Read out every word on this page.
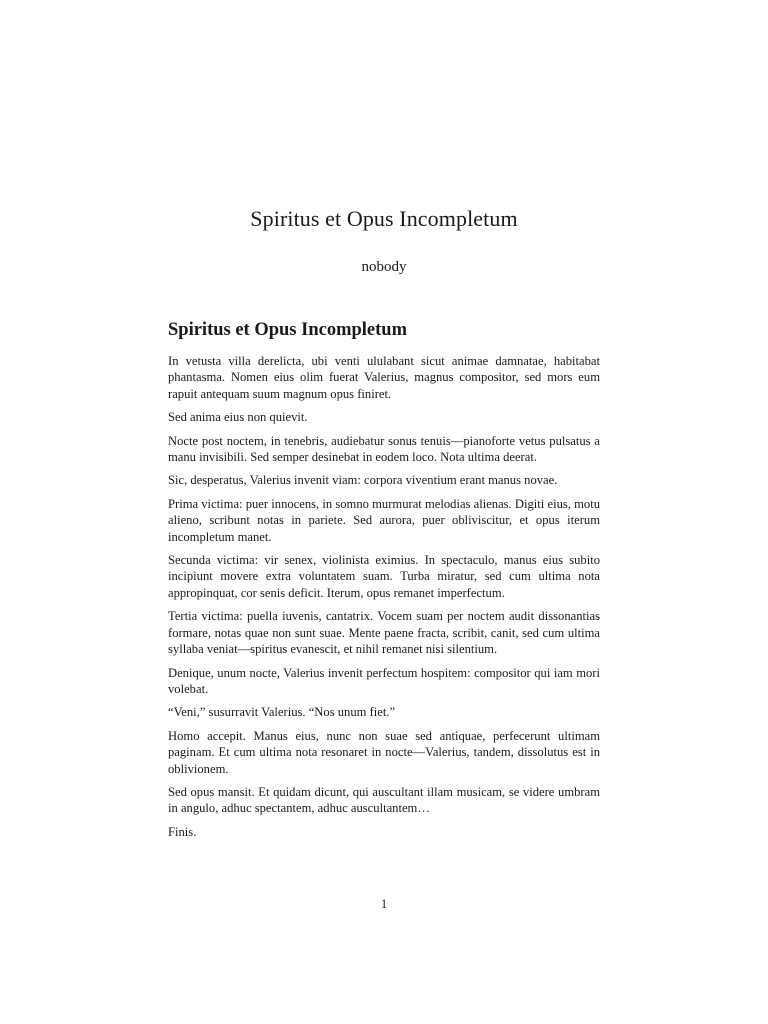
Spiritus et Opus Incompletum

nobody

Spiritus et Opus Incompletum

In vetusta villa derelicta, ubi venti ululabant sicut animae damnatae, habitabat phantasma. Nomen eius olim fuerat Valerius, magnus compositor, sed mors eum rapuit antequam suum magnum opus finiret.

Sed anima eius non quievit.

Nocte post noctem, in tenebris, audiebatur sonus tenuis—pianoforte vetus pulsatus a manu invisibili. Sed semper desinebat in eodem loco. Nota ultima deerat.

Sic, desperatus, Valerius invenit viam: corpora viventium erant manus novae.

Prima victima: puer innocens, in somno murmurat melodias alienas. Digiti eius, motu alieno, scribunt notas in pariete. Sed aurora, puer obliviscitur, et opus iterum incompletum manet.

Secunda victima: vir senex, violinista eximius. In spectaculo, manus eius subito incipiunt movere extra voluntatem suam. Turba miratur, sed cum ultima nota appropinquat, cor senis deficit. Iterum, opus remanet imperfectum.

Tertia victima: puella iuvenis, cantatrix. Vocem suam per noctem audit dissonantias formare, notas quae non sunt suae. Mente paene fracta, scribit, canit, sed cum ultima syllaba veniat—spiritus evanescit, et nihil remanet nisi silentium.

Denique, unum nocte, Valerius invenit perfectum hospitem: compositor qui iam mori volebat.

“Veni,” susurravit Valerius. “Nos unum fiet.”

Homo accepit. Manus eius, nunc non suae sed antiquae, perfecerunt ultimam paginam. Et cum ultima nota resonaret in nocte—Valerius, tandem, dissolutus est in oblivionem.

Sed opus mansit. Et quidam dicunt, qui auscultant illam musicam, se videre umbram in angulo, adhuc spectantem, adhuc auscultantem…

Finis.

1
